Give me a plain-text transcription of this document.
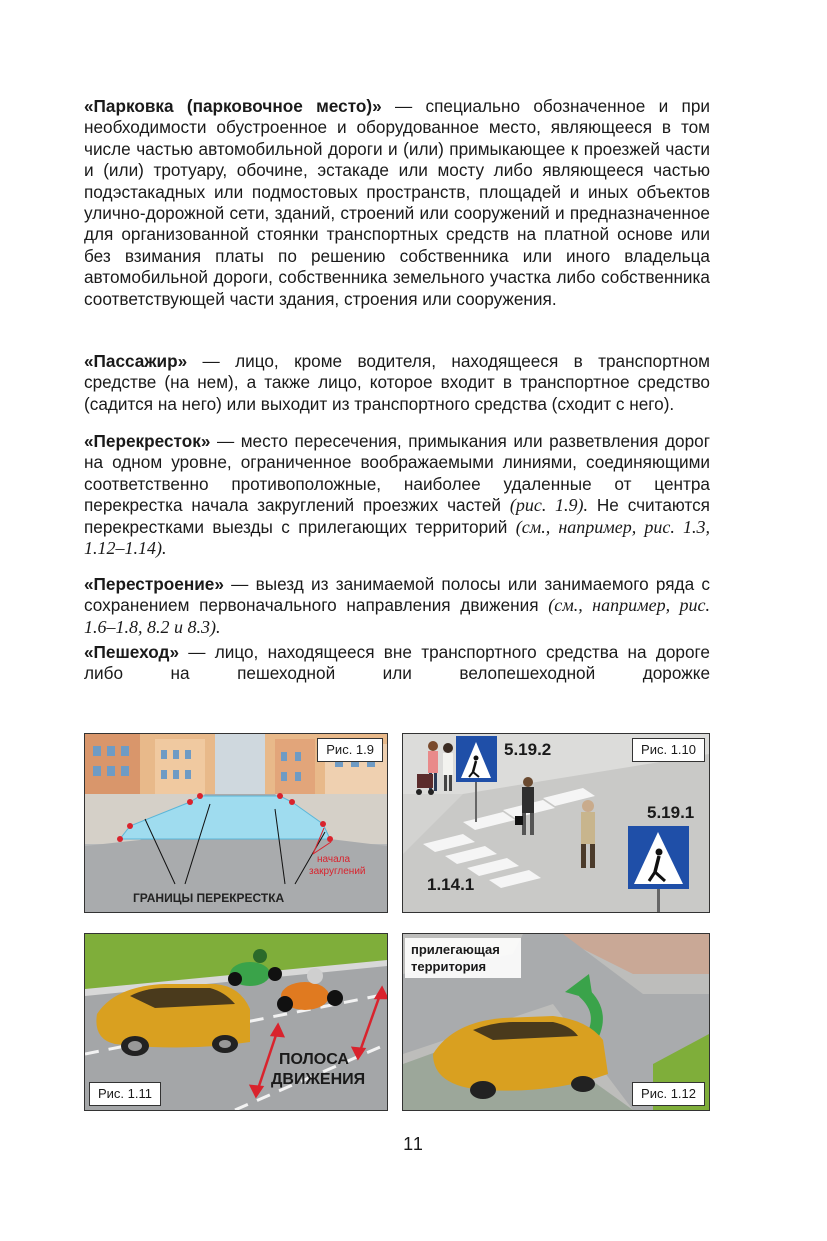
«Парковка (парковочное место)» — специально обозначенное и при необходимости обустроенное и оборудованное место, являющееся в том числе частью автомобильной дороги и (или) примыкающее к проезжей части и (или) тротуару, обочине, эстакаде или мосту либо являющееся частью подэстакадных или подмостовых пространств, площадей и иных объектов улично-дорожной сети, зданий, строений или сооружений и предназначенное для организованной стоянки транспортных средств на платной основе или без взимания платы по решению собственника или иного владельца автомобильной дороги, собственника земельного участка либо собственника соответствующей части здания, строения или сооружения.

«Пассажир» — лицо, кроме водителя, находящееся в транспортном средстве (на нем), а также лицо, которое входит в транспортное средство (садится на него) или выходит из транспортного средства (сходит с него).

«Перекресток» — место пересечения, примыкания или разветвления дорог на одном уровне, ограниченное воображаемыми линиями, соединяющими соответственно противоположные, наиболее удаленные от центра перекрестка начала закруглений проезжих частей (рис. 1.9). Не считаются перекрестками выезды с прилегающих территорий (см., например, рис. 1.3, 1.12–1.14).

«Перестроение» — выезд из занимаемой полосы или занимаемого ряда с сохранением первоначального направления движения (см., например, рис. 1.6–1.8, 8.2 и 8.3).

«Пешеход» — лицо, находящееся вне транспортного средства на дороге либо на пешеходной или велопешеходной дорожке

начала
закруглений
ГРАНИЦЫ ПЕРЕКРЕСТКА
Рис. 1.9	5.19.2
5.19.1
1.14.1
Рис. 1.10
ПОЛОСА
ДВИЖЕНИЯ
Рис. 1.11
прилегающая
территория
Рис. 1.12
11
